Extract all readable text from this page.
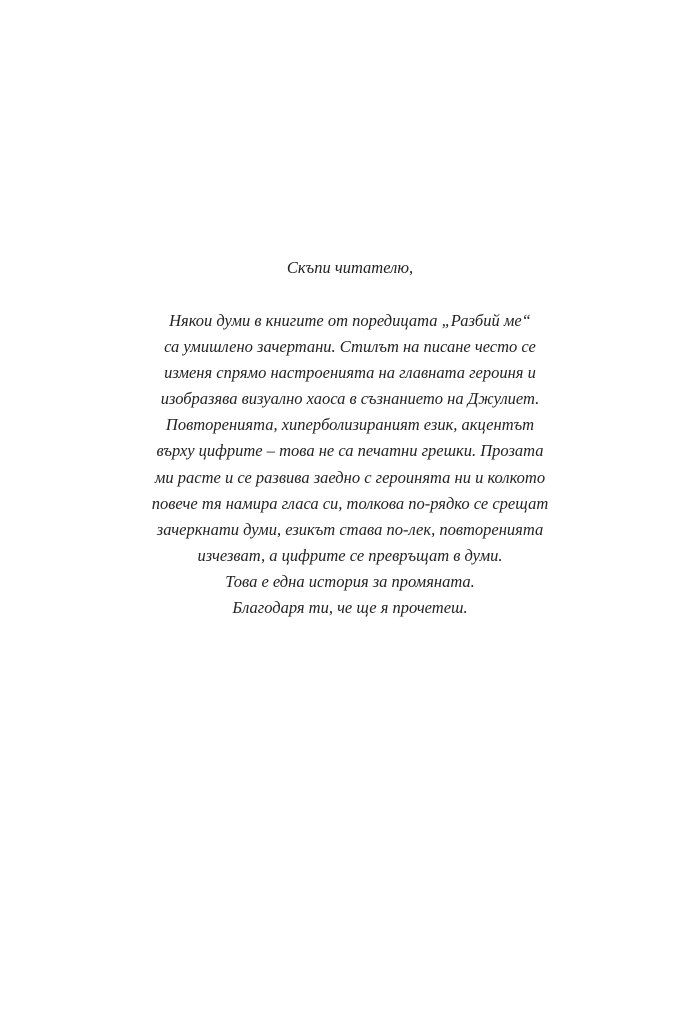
Скъпи читателю,

Някои думи в книгите от поредицата „Разбий ме“
са умишлено зачертани. Стилът на писане често се
изменя спрямо настроенията на главната героиня и
изобразява визуално хаоса в съзнанието на Джулиет.
Повторенията, хиперболизираният език, акцентът
върху цифрите – това не са печатни грешки. Прозата
ми расте и се развива заедно с героинята ни и колкото
повече тя намира гласа си, толкова по-рядко се срещат
зачеркнати думи, езикът става по-лек, повторенията
изчезват, а цифрите се превръщат в думи.
Това е една история за промяната.
Благодаря ти, че ще я прочетеш.
